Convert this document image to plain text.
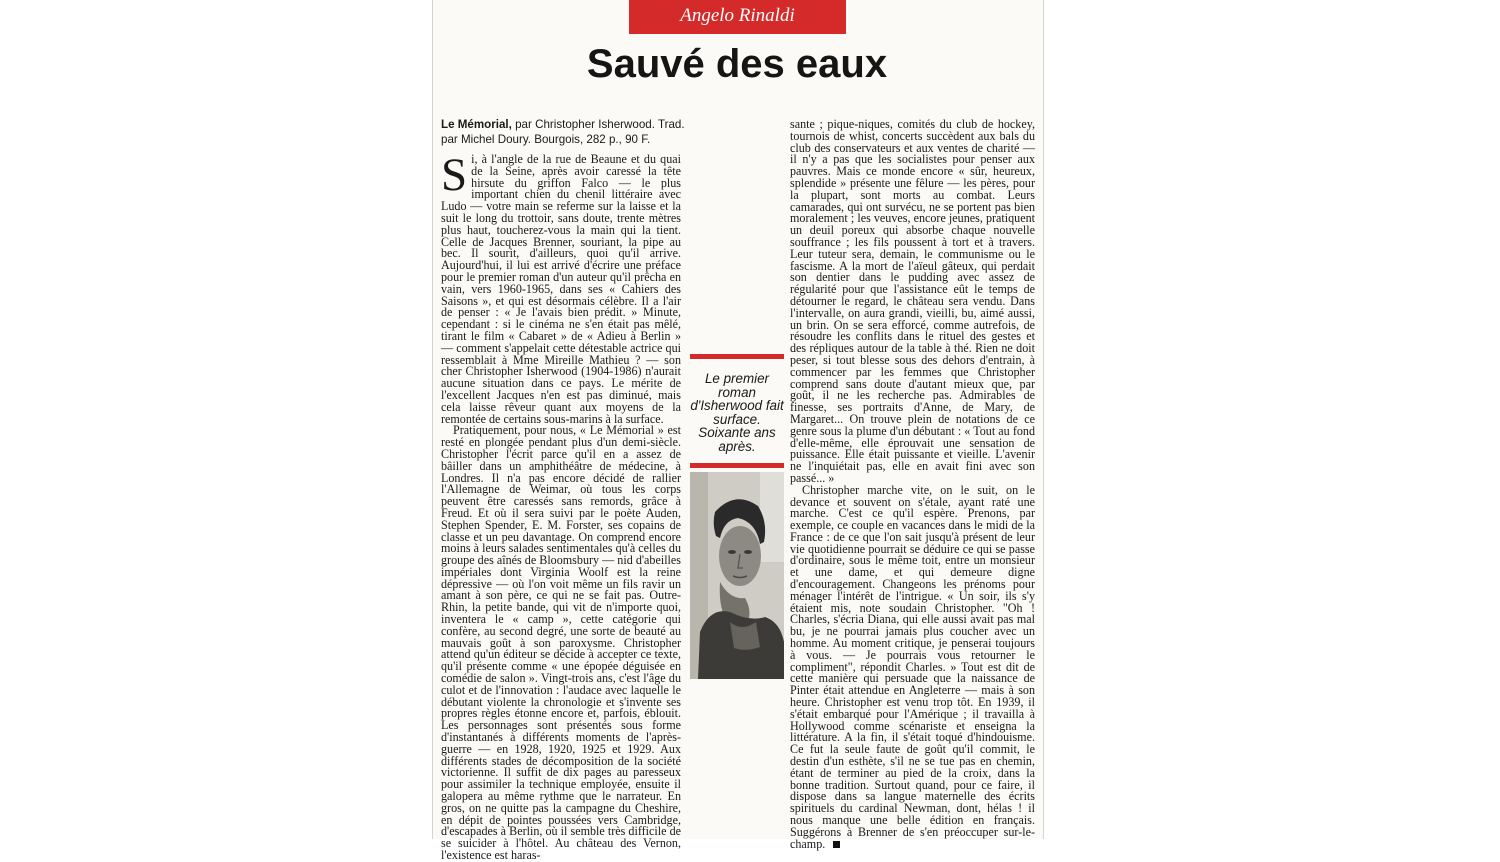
Angelo Rinaldi
Sauvé des eaux
Le Mémorial, par Christopher Isherwood. Trad. par Michel Doury. Bourgois, 282 p., 90 F.

Si, à l'angle de la rue de Beaune et du quai de la Seine, après avoir caressé la tête hirsute du griffon Falco — le plus important chien du chenil littéraire avec Ludo — votre main se referme sur la laisse et la suit le long du trottoir, sans doute, trente mètres plus haut, toucherez-vous la main qui la tient. Celle de Jacques Brenner, souriant, la pipe au bec. Il sourit, d'ailleurs, quoi qu'il arrive. Aujourd'hui, il lui est arrivé d'écrire une préface pour le premier roman d'un auteur qu'il prêcha en vain, vers 1960-1965, dans ses « Cahiers des Saisons », et qui est désormais célèbre. Il a l'air de penser : « Je l'avais bien prédit. » Minute, cependant : si le cinéma ne s'en était pas mêlé, tirant le film « Cabaret » de « Adieu à Berlin » — comment s'appelait cette détestable actrice qui ressemblait à Mme Mireille Mathieu ? — son cher Christopher Isherwood (1904-1986) n'aurait aucune situation dans ce pays. Le mérite de l'excellent Jacques n'en est pas diminué, mais cela laisse rêveur quant aux moyens de la remontée de certains sous-marins à la surface.

Pratiquement, pour nous, « Le Mémorial » est resté en plongée pendant plus d'un demi-siècle. Christopher l'écrit parce qu'il en a assez de bâiller dans un amphithéâtre de médecine, à Londres. Il n'a pas encore décidé de rallier l'Allemagne de Weimar, où tous les corps peuvent être caressés sans remords, grâce à Freud. Et où il sera suivi par le poète Auden, Stephen Spender, E. M. Forster, ses copains de classe et un peu davantage. On comprend encore moins à leurs salades sentimentales qu'à celles du groupe des aînés de Bloomsbury — nid d'abeilles impériales dont Virginia Woolf est la reine dépressive — où l'on voit même un fils ravir un amant à son père, ce qui ne se fait pas. Outre-Rhin, la petite bande, qui vit de n'importe quoi, inventera le « camp », cette catégorie qui confère, au second degré, une sorte de beauté au mauvais goût à son paroxysme. Christopher attend qu'un éditeur se décide à accepter ce texte, qu'il présente comme « une épopée déguisée en comédie de salon ». Vingt-trois ans, c'est l'âge du culot et de l'innovation : l'audace avec laquelle le débutant violente la chronologie et s'invente ses propres règles étonne encore et, parfois, éblouit. Les personnages sont présentés sous forme d'instantanés à différents moments de l'après-guerre — en 1928, 1920, 1925 et 1929. Aux différents stades de décomposition de la société victorienne. Il suffit de dix pages au paresseux pour assimiler la technique employée, ensuite il galopera au même rythme que le narrateur. En gros, on ne quitte pas la campagne du Cheshire, en dépit de pointes poussées vers Cambridge, d'escapades à Berlin, où il semble très difficile de se suicider à l'hôtel. Au château des Vernon, l'existence est haras-

Le premier roman d'Isherwood fait surface. Soixante ans après.

sante ; pique-niques, comités du club de hockey, tournois de whist, concerts succèdent aux bals du club des conservateurs et aux ventes de charité — il n'y a pas que les socialistes pour penser aux pauvres. Mais ce monde encore « sûr, heureux, splendide » présente une fêlure — les pères, pour la plupart, sont morts au combat. Leurs camarades, qui ont survécu, ne se portent pas bien moralement ; les veuves, encore jeunes, pratiquent un deuil poreux qui absorbe chaque nouvelle souffrance ; les fils poussent à tort et à travers. Leur tuteur sera, demain, le communisme ou le fascisme. A la mort de l'aïeul gâteux, qui perdait son dentier dans le pudding avec assez de régularité pour que l'assistance eût le temps de détourner le regard, le château sera vendu. Dans l'intervalle, on aura grandi, vieilli, bu, aimé aussi, un brin. On se sera efforcé, comme autrefois, de résoudre les conflits dans le rituel des gestes et des répliques autour de la table à thé. Rien ne doit peser, si tout blesse sous des dehors d'entrain, à commencer par les femmes que Christopher comprend sans doute d'autant mieux que, par goût, il ne les recherche pas. Admirables de finesse, ses portraits d'Anne, de Mary, de Margaret... On trouve plein de notations de ce genre sous la plume d'un débutant : « Tout au fond d'elle-même, elle éprouvait une sensation de puissance. Elle était puissante et vieille. L'avenir ne l'inquiétait pas, elle en avait fini avec son passé... »

Christopher marche vite, on le suit, on le devance et souvent on s'étale, ayant raté une marche. C'est ce qu'il espère. Prenons, par exemple, ce couple en vacances dans le midi de la France : de ce que l'on sait jusqu'à présent de leur vie quotidienne pourrait se déduire ce qui se passe d'ordinaire, sous le même toit, entre un monsieur et une dame, et qui demeure digne d'encouragement. Changeons les prénoms pour ménager l'intérêt de l'intrigue. « Un soir, ils s'y étaient mis, note soudain Christopher. "Oh ! Charles, s'écria Diana, qui elle aussi avait pas mal bu, je ne pourrai jamais plus coucher avec un homme. Au moment critique, je penserai toujours à vous. — Je pourrais vous retourner le compliment", répondit Charles. » Tout est dit de cette manière qui persuade que la naissance de Pinter était attendue en Angleterre — mais à son heure. Christopher est venu trop tôt. En 1939, il s'était embarqué pour l'Amérique ; il travailla à Hollywood comme scénariste et enseigna la littérature. A la fin, il s'était toqué d'hindouisme. Ce fut la seule faute de goût qu'il commit, le destin d'un esthète, s'il ne se tue pas en chemin, étant de terminer au pied de la croix, dans la bonne tradition. Surtout quand, pour ce faire, il dispose dans sa langue maternelle des écrits spirituels du cardinal Newman, dont, hélas ! il nous manque une belle édition en français. Suggérons à Brenner de s'en préoccuper sur-le-champ.
